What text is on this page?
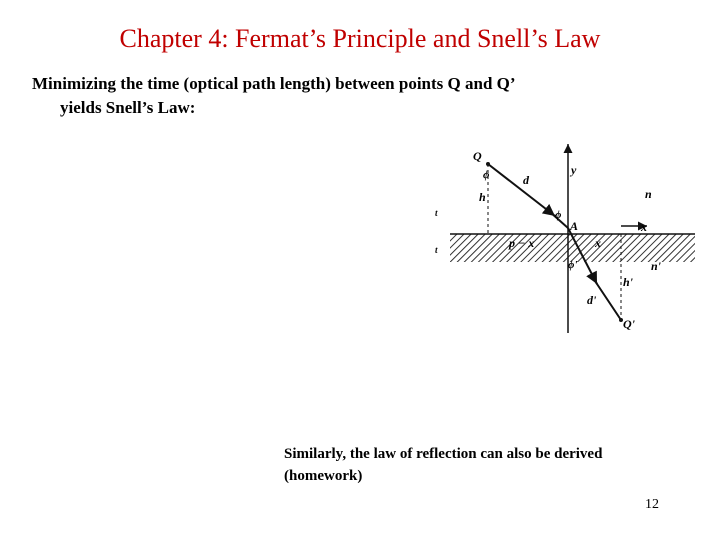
Chapter 4: Fermat’s Principle and Snell’s Law
Minimizing the time (optical path length) between points Q and Q’
yields Snell’s Law:
Q
ϕ	d
h
y
n
x
ϕ
A
p − x	x
ϕ'	n'
h'
d'
Q'
t
t
Similarly, the law of reflection can also be derived
(homework)
12
